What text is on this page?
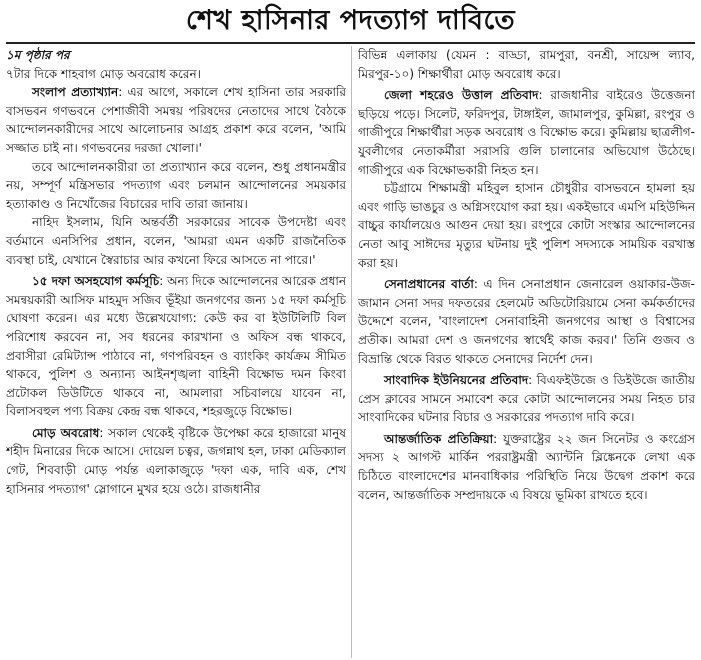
শেখ হাসিনার পদত্যাগ দাবিতে

১ম পৃষ্ঠার পর

৭টার দিকে শাহবাগ মোড় অবরোধ করেন।

সংলাপ প্রত্যাখ্যান: এর আগে, সকালে শেখ হাসিনা তার সরকারি বাসভবন গণভবনে পেশাজীবী সমন্বয় পরিষদের নেতাদের সাথে বৈঠকে আন্দোলনকারীদের সাথে আলোচনার আগ্রহ প্রকাশ করে বলেন, 'আমি সজ্জাত চাই না। গণভবনের দরজা খোলা।'

তবে আন্দোলনকারীরা তা প্রত্যাখ্যান করে বলেন, শুধু প্রধানমন্ত্রীর নয়, সম্পূর্ণ মন্ত্রিসভার পদত্যাগ এবং চলমান আন্দোলনের সময়কার হত্যাকাণ্ড ও নিখোঁজের বিচারের দাবি তারা জানায়।

নাহিদ ইসলাম, যিনি অন্তর্বর্তী সরকারের সাবেক উপদেষ্টা এবং বর্তমানে এনসিপির প্রধান, বলেন, 'আমরা এমন একটি রাজনৈতিক ব্যবস্থা চাই, যেখানে স্বৈরাচার আর কখনো ফিরে আসতে না পারে।'

১৫ দফা অসহযোগ কর্মসূচি: অন্য দিকে আন্দোলনের আরেক প্রধান সমন্বয়কারী আসিফ মাহমুদ সজিব ভূঁইয়া জনগণের জন্য ১৫ দফা কর্মসূচি ঘোষণা করেন। এর মধ্যে উল্লেখযোগ্য: কেউ কর বা ইউটিলিটি বিল পরিশোধ করবেন না, সব ধরনের কারখানা ও অফিস বন্ধ থাকবে, প্রবাসীরা রেমিট্যান্স পাঠাবে না, গণপরিবহন ও ব্যাংকিং কার্যক্রম সীমিত থাকবে, পুলিশ ও অন্যান্য আইনশৃঙ্খলা বাহিনী বিক্ষোভ দমন কিংবা প্রটোকল ডিউটিতে থাকবে না, আমলারা সচিবালয়ে যাবেন না, বিলাসবহুল পণ্য বিক্রয় কেন্দ্র বন্ধ থাকবে, শহরজুড়ে বিক্ষোভ।

মোড় অবরোধ: সকাল থেকেই বৃষ্টিকে উপেক্ষা করে হাজারো মানুষ শহীদ মিনারের দিকে আসে। দোয়েল চত্বর, জগন্নাথ হল, ঢাকা মেডিক্যাল গেট, শিববাড়ী মোড় পর্যন্ত এলাকাজুড়ে 'দফা এক, দাবি এক, শেখ হাসিনার পদত্যাগ' স্লোগানে মুখর হয়ে ওঠে। রাজধানীর

বিভিন্ন এলাকায় (যেমন : বাড্ডা, রামপুরা, বনশ্রী, সায়েন্স ল্যাব, মিরপুর-১০) শিক্ষার্থীরা মোড় অবরোধ করে।

জেলা শহরেও উত্তাল প্রতিবাদ: রাজধানীর বাইরেও উত্তেজনা ছড়িয়ে পড়ে। সিলেট, ফরিদপুর, টাঙ্গাইল, জামালপুর, কুমিল্লা, রংপুর ও গাজীপুরে শিক্ষার্থীরা সড়ক অবরোধ ও বিক্ষোভ করে। কুমিল্লায় ছাত্রলীগ-যুবলীগের নেতাকর্মীরা সরাসরি গুলি চালানোর অভিযোগ উঠেছে। গাজীপুরে এক বিক্ষোভকারী নিহত হন।

চট্টগ্রামে শিক্ষামন্ত্রী মহিবুল হাসান চৌধুরীর বাসভবনে হামলা হয় এবং গাড়ি ভাঙচুর ও অগ্নিসংযোগ করা হয়। একইভাবে এমপি মহিউদ্দিন বাচ্চুর কার্যালয়েও আগুন দেয়া হয়। রংপুরে কোটা সংস্কার আন্দোলনের নেতা আবু সাঈদের মৃত্যুর ঘটনায় দুই পুলিশ সদস্যকে সাময়িক বরখাস্ত করা হয়।

সেনাপ্রধানের বার্তা: এ দিন সেনাপ্রধান জেনারেল ওয়াকার-উজ-জামান সেনা সদর দফতরের হেলমেট অডিটোরিয়ামে সেনা কর্মকর্তাদের উদ্দেশে বলেন, 'বাংলাদেশ সেনাবাহিনী জনগণের আস্থা ও বিশ্বাসের প্রতীক। আমরা দেশ ও জনগণের স্বার্থেই কাজ করব।' তিনি গুজব ও বিভ্রান্তি থেকে বিরত থাকতে সেনাদের নির্দেশ দেন।

সাংবাদিক ইউনিয়নের প্রতিবাদ: বিএফইউজে ও ডিইউজে জাতীয় প্রেস ক্লাবের সামনে সমাবেশ করে কোটা আন্দোলনের সময় নিহত চার সাংবাদিকের ঘটনার বিচার ও সরকারের পদত্যাগ দাবি করে।

আন্তর্জাতিক প্রতিক্রিয়া: যুক্তরাষ্ট্রের ২২ জন সিনেটর ও কংগ্রেস সদস্য ২ আগস্ট মার্কিন পররাষ্ট্রমন্ত্রী অ্যান্টনি ব্লিঙ্কেনকে লেখা এক চিঠিতে বাংলাদেশের মানবাধিকার পরিস্থিতি নিয়ে উদ্বেগ প্রকাশ করে বলেন, আন্তর্জাতিক সম্প্রদায়কে এ বিষয়ে ভূমিকা রাখতে হবে।
